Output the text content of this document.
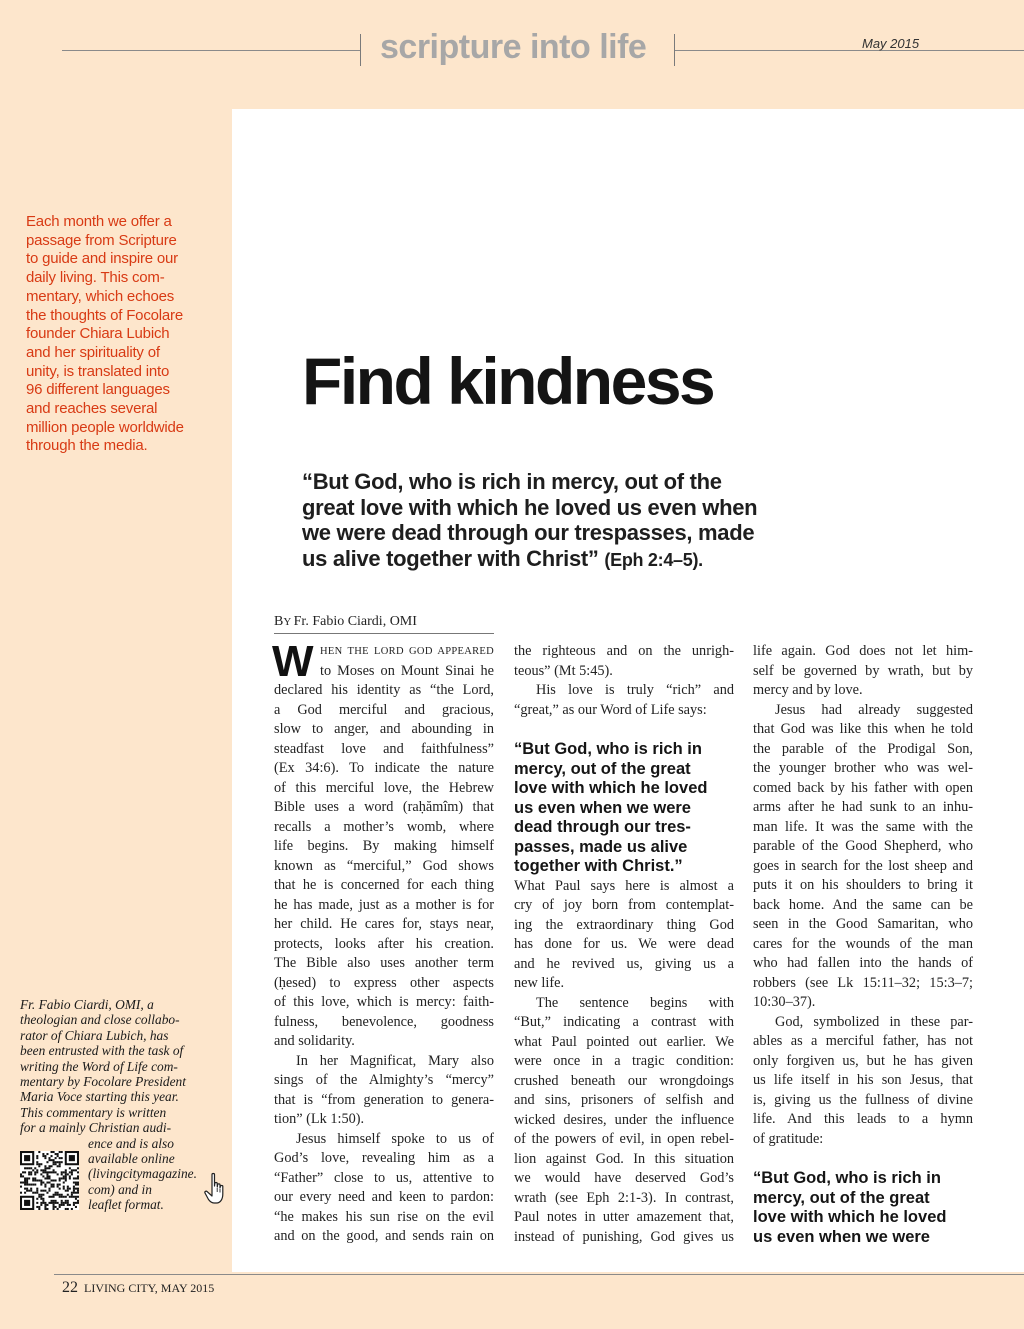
scripture into life	May 2015
Each month we offer a
passage from Scripture
to guide and inspire our
daily living. This com-
mentary, which echoes
the thoughts of Focolare
founder Chiara Lubich
and her spirituality of
unity, is translated into
96 different languages
and reaches several
million people worldwide
through the media.
Find kindness
“But God, who is rich in mercy, out of the
great love with which he loved us even when
we were dead through our trespasses, made
us alive together with Christ” (Eph 2:4–5).
BY Fr. Fabio Ciardi, OMI
W HEN THE LORD GOD APPEARED
to Moses on Mount Sinai he
declared his identity as “the Lord,
a God merciful and gracious,
slow to anger, and abounding in
steadfast love and faithfulness”
(Ex 34:6). To indicate the nature
of this merciful love, the Hebrew
Bible uses a word (raḥămîm) that
recalls a mother’s womb, where
life begins. By making himself
known as “merciful,” God shows
that he is concerned for each thing
he has made, just as a mother is for
her child. He cares for, stays near,
protects, looks after his creation.
The Bible also uses another term
(ḥesed) to express other aspects
of this love, which is mercy: faith-
fulness, benevolence, goodness
and solidarity.
In her Magnificat, Mary also
sings of the Almighty’s “mercy”
that is “from generation to genera-
tion” (Lk 1:50).
Jesus himself spoke to us of
God’s love, revealing him as a
“Father” close to us, attentive to
our every need and keen to pardon:
“he makes his sun rise on the evil
and on the good, and sends rain on
the righteous and on the unrigh-
teous” (Mt 5:45).
His love is truly “rich” and
“great,” as our Word of Life says:
“But God, who is rich in
mercy, out of the great
love with which he loved
us even when we were
dead through our tres-
passes, made us alive
together with Christ.”
What Paul says here is almost a
cry of joy born from contemplat-
ing the extraordinary thing God
has done for us. We were dead
and he revived us, giving us a
new life.
The sentence begins with
“But,” indicating a contrast with
what Paul pointed out earlier. We
were once in a tragic condition:
crushed beneath our wrongdoings
and sins, prisoners of selfish and
wicked desires, under the influence
of the powers of evil, in open rebel-
lion against God. In this situation
we would have deserved God’s
wrath (see Eph 2:1-3). In contrast,
Paul notes in utter amazement that,
instead of punishing, God gives us
life again. God does not let him-
self be governed by wrath, but by
mercy and by love.
Jesus had already suggested
that God was like this when he told
the parable of the Prodigal Son,
the younger brother who was wel-
comed back by his father with open
arms after he had sunk to an inhu-
man life. It was the same with the
parable of the Good Shepherd, who
goes in search for the lost sheep and
puts it on his shoulders to bring it
back home. And the same can be
seen in the Good Samaritan, who
cares for the wounds of the man
who had fallen into the hands of
robbers (see Lk 15:11–32; 15:3–7;
10:30–37).
God, symbolized in these par-
ables as a merciful father, has not
only forgiven us, but he has given
us life itself in his son Jesus, that
is, giving us the fullness of divine
life. And this leads to a hymn
of gratitude:
“But God, who is rich in
mercy, out of the great
love with which he loved
us even when we were
Fr. Fabio Ciardi, OMI, a
theologian and close collabo-
rator of Chiara Lubich, has
been entrusted with the task of
writing the Word of Life com-
mentary by Focolare President
Maria Voce starting this year.
This commentary is written
for a mainly Christian audi-
ence and is also
available online
(livingcitymagazine.
com) and in
leaflet format.
22 LIVING CITY, MAY 2015
